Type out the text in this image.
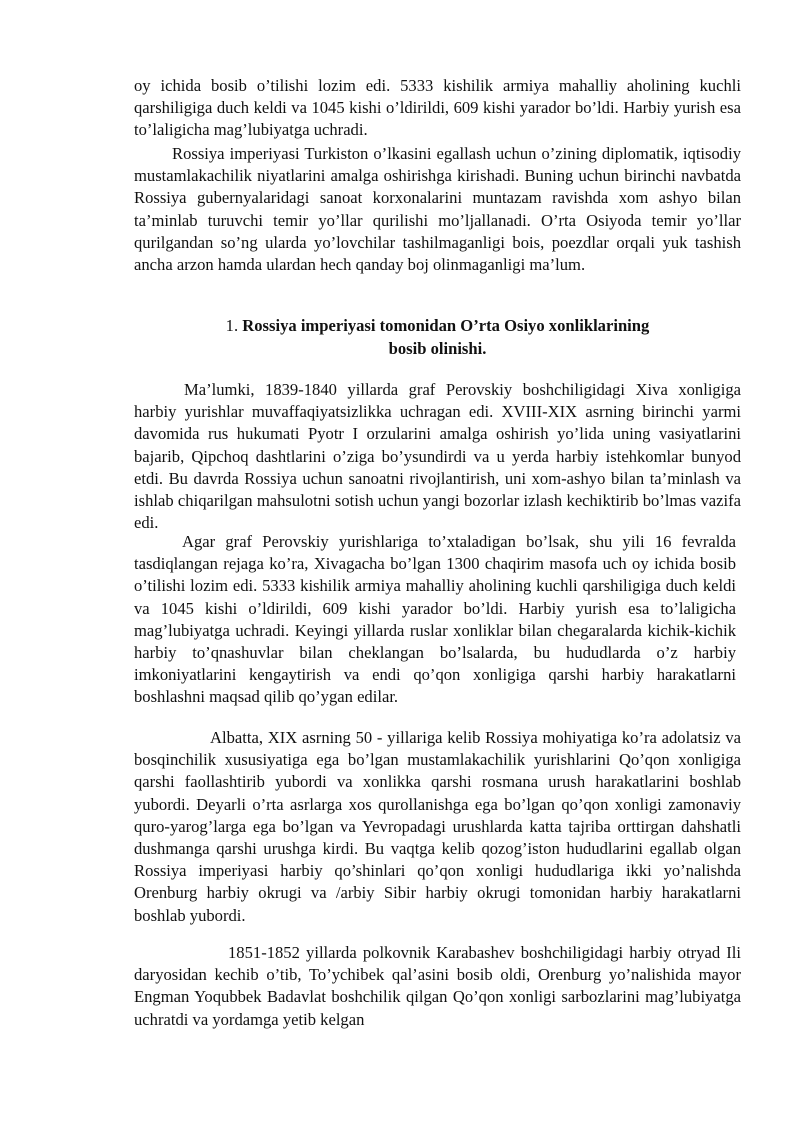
oy ichida bosib o’tilishi lozim edi. 5333 kishilik armiya mahalliy aholining kuchli qarshiligiga duch keldi va 1045 kishi o’ldirildi, 609 kishi yarador bo’ldi. Harbiy yurish esa to’laligicha mag’lubiyatga uchradi.

Rossiya imperiyasi Turkiston o’lkasini egallash uchun o’zining diplomatik, iqtisodiy mustamlakachilik niyatlarini amalga oshirishga kirishadi. Buning uchun birinchi navbatda Rossiya gubernyalaridagi sanoat korxonalarini muntazam ravishda xom ashyo bilan ta’minlab turuvchi temir yo’llar qurilishi mo’ljallanadi. O’rta Osiyoda temir yo’llar qurilgandan so’ng ularda yo’lovchilar tashilmaganligi bois, poezdlar orqali yuk tashish ancha arzon hamda ulardan hech qanday boj olinmaganligi ma’lum.

1. Rossiya imperiyasi tomonidan O’rta Osiyo xonliklarining
bosib olinishi.

Ma’lumki, 1839-1840 yillarda graf Perovskiy boshchiligidagi Xiva xonligiga harbiy yurishlar muvaffaqiyatsizlikka uchragan edi. XVIII-XIX asrning birinchi yarmi davomida rus hukumati Pyotr I orzularini amalga oshirish yo’lida uning vasiyatlarini bajarib, Qipchoq dashtlarini o’ziga bo’ysundirdi va u yerda harbiy istehkomlar bunyod etdi. Bu davrda Rossiya uchun sanoatni rivojlantirish, uni xom-ashyo bilan ta’minlash va ishlab chiqarilgan mahsulotni sotish uchun yangi bozorlar izlash kechiktirib bo’lmas vazifa edi.

Agar graf Perovskiy yurishlariga to’xtaladigan bo’lsak, shu yili 16 fevralda tasdiqlangan rejaga ko’ra, Xivagacha bo’lgan 1300 chaqirim masofa uch oy ichida bosib o’tilishi lozim edi. 5333 kishilik armiya mahalliy aholining kuchli qarshiligiga duch keldi va 1045 kishi o’ldirildi, 609 kishi yarador bo’ldi. Harbiy yurish esa to’laligicha mag’lubiyatga uchradi. Keyingi yillarda ruslar xonliklar bilan chegaralarda kichik-kichik harbiy to’qnashuvlar bilan cheklangan bo’lsalarda, bu hududlarda o’z harbiy imkoniyatlarini kengaytirish va endi qo’qon xonligiga qarshi harbiy harakatlarni boshlashni maqsad qilib qo’ygan edilar.

Albatta, XIX asrning 50 - yillariga kelib Rossiya mohiyatiga ko’ra adolatsiz va bosqinchilik xususiyatiga ega bo’lgan mustamlakachilik yurishlarini Qo’qon xonligiga qarshi faollashtirib yubordi va xonlikka qarshi rosmana urush harakatlarini boshlab yubordi. Deyarli o’rta asrlarga xos qurollanishga ega bo’lgan qo’qon xonligi zamonaviy quro-yarog’larga ega bo’lgan va Yevropadagi urushlarda katta tajriba orttirgan dahshatli dushmanga qarshi urushga kirdi. Bu vaqtga kelib qozog’iston hududlarini egallab olgan Rossiya imperiyasi harbiy qo’shinlari qo’qon xonligi hududlariga ikki yo’nalishda Orenburg harbiy okrugi va /arbiy Sibir harbiy okrugi tomonidan harbiy harakatlarni boshlab yubordi.

1851-1852 yillarda polkovnik Karabashev boshchiligidagi harbiy otryad Ili daryosidan kechib o’tib, To’ychibek qal’asini bosib oldi, Orenburg yo’nalishida mayor Engman Yoqubbek Badavlat boshchilik qilgan Qo’qon xonligi sarbozlarini mag’lubiyatga uchratdi va yordamga yetib kelgan
